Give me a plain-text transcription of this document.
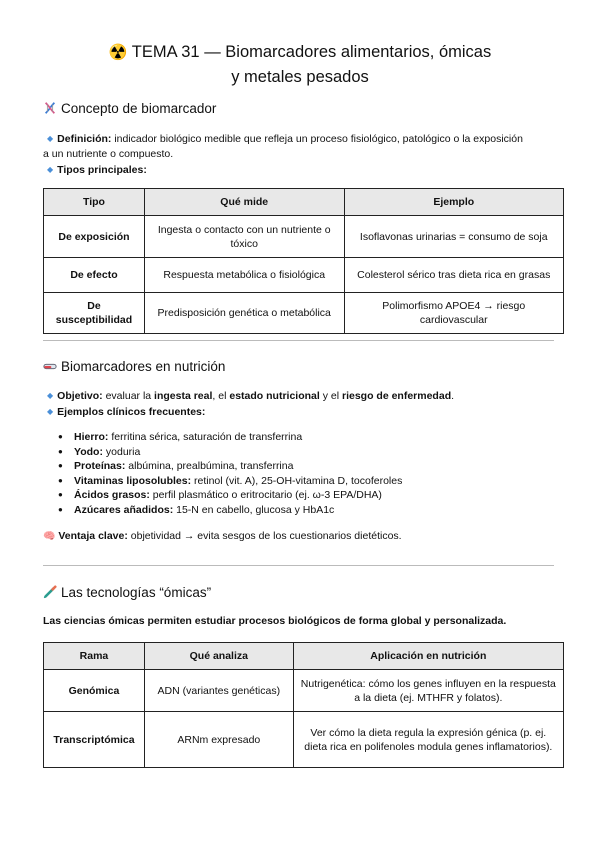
☢️ TEMA 31 — Biomarcadores alimentarios, ómicas
y metales pesados
Concepto de biomarcador
◆ Definición: indicador biológico medible que refleja un proceso fisiológico, patológico o la exposición
a un nutriente o compuesto.
◆ Tipos principales:
Tipo	Qué mide	Ejemplo
De exposición	Ingesta o contacto con un nutriente o tóxico	Isoflavonas urinarias = consumo de soja
De efecto	Respuesta metabólica o fisiológica	Colesterol sérico tras dieta rica en grasas
De susceptibilidad	Predisposición genética o metabólica	Polimorfismo APOE4 → riesgo cardiovascular
Biomarcadores en nutrición
◆ Objetivo: evaluar la ingesta real, el estado nutricional y el riesgo de enfermedad.
◆ Ejemplos clínicos frecuentes:
● Hierro: ferritina sérica, saturación de transferrina
● Yodo: yoduria
● Proteínas: albúmina, prealbúmina, transferrina
● Vitaminas liposolubles: retinol (vit. A), 25-OH-vitamina D, tocoferoles
● Ácidos grasos: perfil plasmático o eritrocitario (ej. ω-3 EPA/DHA)
● Azúcares añadidos: 15-N en cabello, glucosa y HbA1c
🧠 Ventaja clave: objetividad → evita sesgos de los cuestionarios dietéticos.
Las tecnologías “ómicas”
Las ciencias ómicas permiten estudiar procesos biológicos de forma global y personalizada.
Rama	Qué analiza	Aplicación en nutrición
Genómica	ADN (variantes genéticas)	Nutrigenética: cómo los genes influyen en la respuesta a la dieta (ej. MTHFR y folatos).
Transcriptómica	ARNm expresado	Ver cómo la dieta regula la expresión génica (p. ej. dieta rica en polifenoles modula genes inflamatorios).
